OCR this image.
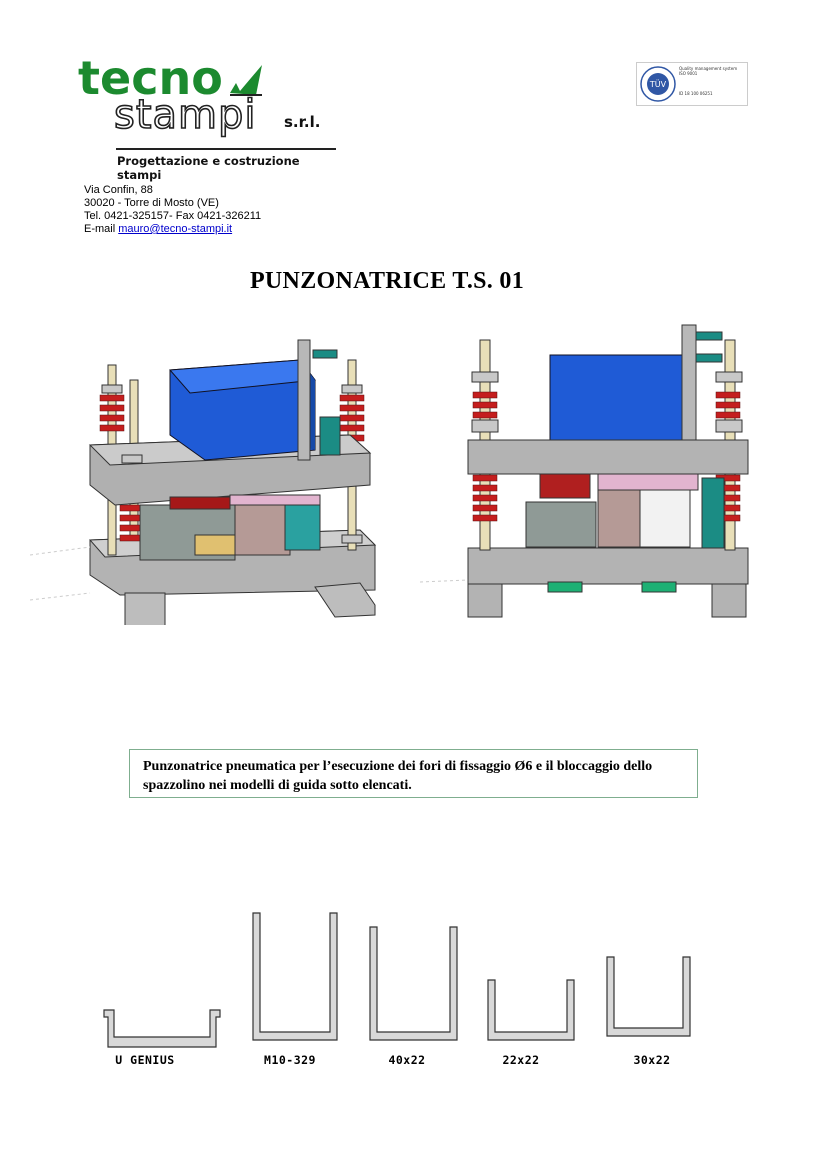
tecno
stampi s.r.l.
Progettazione e costruzione stampi
TÜV
Quality management system
ISO 9001
ID 18 100 06251
Via Confin, 88
30020 - Torre di Mosto (VE)
Tel. 0421-325157- Fax 0421-326211
E-mail mauro@tecno-stampi.it
PUNZONATRICE T.S. 01
Punzonatrice pneumatica per l’esecuzione dei fori di fissaggio Ø6 e il bloccaggio dello spazzolino nei modelli di guida sotto elencati.
U GENIUS	M10-329	40x22	22x22	30x22
